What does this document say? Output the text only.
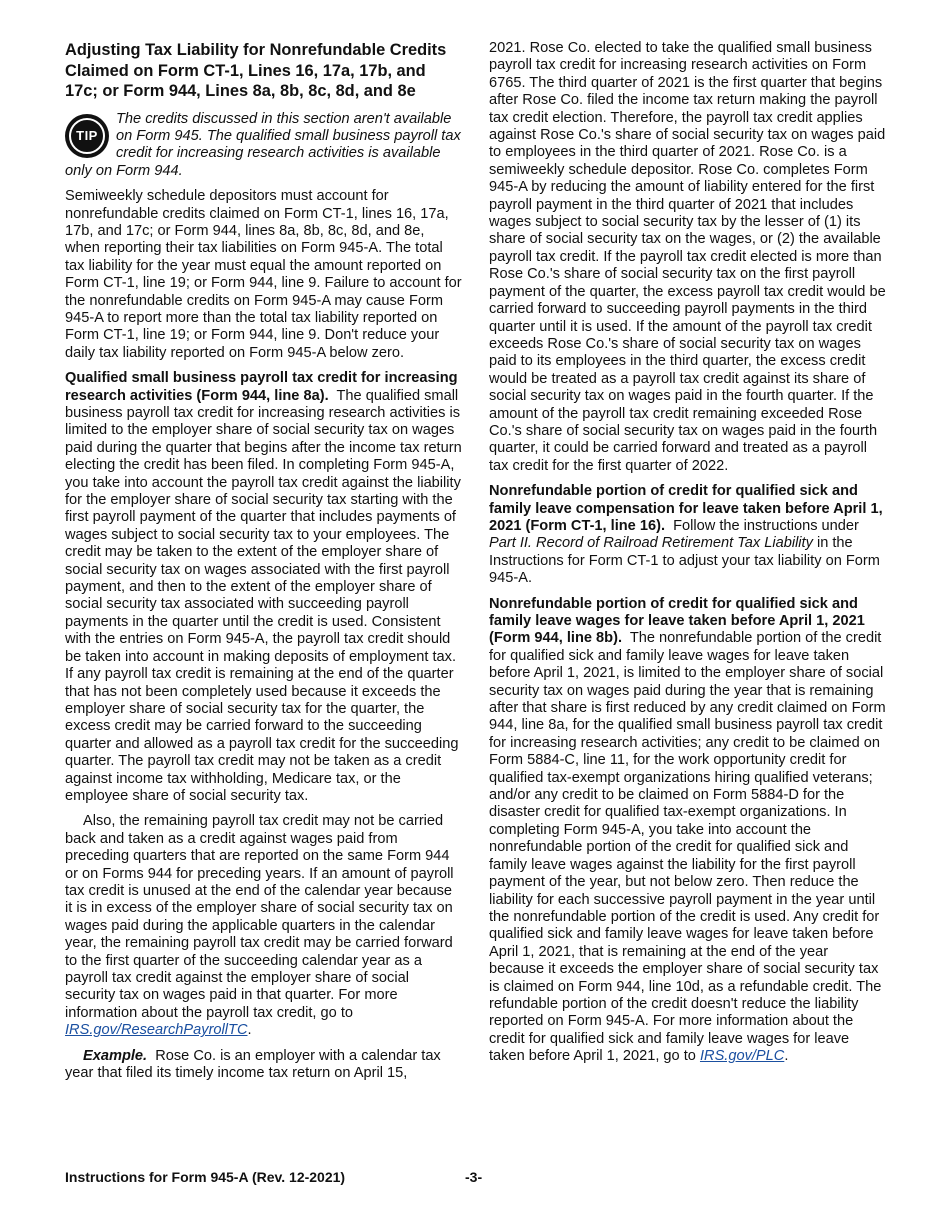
Adjusting Tax Liability for Nonrefundable Credits Claimed on Form CT-1, Lines 16, 17a, 17b, and 17c; or Form 944, Lines 8a, 8b, 8c, 8d, and 8e
TIP
The credits discussed in this section aren't available on Form 945. The qualified small business payroll tax credit for increasing research activities is available only on Form 944.

Semiweekly schedule depositors must account for nonrefundable credits claimed on Form CT-1, lines 16, 17a, 17b, and 17c; or Form 944, lines 8a, 8b, 8c, 8d, and 8e, when reporting their tax liabilities on Form 945-A. The total tax liability for the year must equal the amount reported on Form CT-1, line 19; or Form 944, line 9. Failure to account for the nonrefundable credits on Form 945-A may cause Form 945-A to report more than the total tax liability reported on Form CT-1, line 19; or Form 944, line 9. Don't reduce your daily tax liability reported on Form 945-A below zero.

Qualified small business payroll tax credit for increasing research activities (Form 944, line 8a). The qualified small business payroll tax credit for increasing research activities is limited to the employer share of social security tax on wages paid during the quarter that begins after the income tax return electing the credit has been filed. In completing Form 945-A, you take into account the payroll tax credit against the liability for the employer share of social security tax starting with the first payroll payment of the quarter that includes payments of wages subject to social security tax to your employees. The credit may be taken to the extent of the employer share of social security tax on wages associated with the first payroll payment, and then to the extent of the employer share of social security tax associated with succeeding payroll payments in the quarter until the credit is used. Consistent with the entries on Form 945-A, the payroll tax credit should be taken into account in making deposits of employment tax. If any payroll tax credit is remaining at the end of the quarter that has not been completely used because it exceeds the employer share of social security tax for the quarter, the excess credit may be carried forward to the succeeding quarter and allowed as a payroll tax credit for the succeeding quarter. The payroll tax credit may not be taken as a credit against income tax withholding, Medicare tax, or the employee share of social security tax.

Also, the remaining payroll tax credit may not be carried back and taken as a credit against wages paid from preceding quarters that are reported on the same Form 944 or on Forms 944 for preceding years. If an amount of payroll tax credit is unused at the end of the calendar year because it is in excess of the employer share of social security tax on wages paid during the applicable quarters in the calendar year, the remaining payroll tax credit may be carried forward to the first quarter of the succeeding calendar year as a payroll tax credit against the employer share of social security tax on wages paid in that quarter. For more information about the payroll tax credit, go to IRS.gov/ResearchPayrollTC.

Example. Rose Co. is an employer with a calendar tax year that filed its timely income tax return on April 15,

2021. Rose Co. elected to take the qualified small business payroll tax credit for increasing research activities on Form 6765. The third quarter of 2021 is the first quarter that begins after Rose Co. filed the income tax return making the payroll tax credit election. Therefore, the payroll tax credit applies against Rose Co.'s share of social security tax on wages paid to employees in the third quarter of 2021. Rose Co. is a semiweekly schedule depositor. Rose Co. completes Form 945-A by reducing the amount of liability entered for the first payroll payment in the third quarter of 2021 that includes wages subject to social security tax by the lesser of (1) its share of social security tax on the wages, or (2) the available payroll tax credit. If the payroll tax credit elected is more than Rose Co.'s share of social security tax on the first payroll payment of the quarter, the excess payroll tax credit would be carried forward to succeeding payroll payments in the third quarter until it is used. If the amount of the payroll tax credit exceeds Rose Co.'s share of social security tax on wages paid to its employees in the third quarter, the excess credit would be treated as a payroll tax credit against its share of social security tax on wages paid in the fourth quarter. If the amount of the payroll tax credit remaining exceeded Rose Co.'s share of social security tax on wages paid in the fourth quarter, it could be carried forward and treated as a payroll tax credit for the first quarter of 2022.

Nonrefundable portion of credit for qualified sick and family leave compensation for leave taken before April 1, 2021 (Form CT-1, line 16). Follow the instructions under Part II. Record of Railroad Retirement Tax Liability in the Instructions for Form CT-1 to adjust your tax liability on Form 945-A.

Nonrefundable portion of credit for qualified sick and family leave wages for leave taken before April 1, 2021 (Form 944, line 8b). The nonrefundable portion of the credit for qualified sick and family leave wages for leave taken before April 1, 2021, is limited to the employer share of social security tax on wages paid during the year that is remaining after that share is first reduced by any credit claimed on Form 944, line 8a, for the qualified small business payroll tax credit for increasing research activities; any credit to be claimed on Form 5884-C, line 11, for the work opportunity credit for qualified tax-exempt organizations hiring qualified veterans; and/or any credit to be claimed on Form 5884-D for the disaster credit for qualified tax-exempt organizations. In completing Form 945-A, you take into account the nonrefundable portion of the credit for qualified sick and family leave wages against the liability for the first payroll payment of the year, but not below zero. Then reduce the liability for each successive payroll payment in the year until the nonrefundable portion of the credit is used. Any credit for qualified sick and family leave wages for leave taken before April 1, 2021, that is remaining at the end of the year because it exceeds the employer share of social security tax is claimed on Form 944, line 10d, as a refundable credit. The refundable portion of the credit doesn't reduce the liability reported on Form 945-A. For more information about the credit for qualified sick and family leave wages for leave taken before April 1, 2021, go to IRS.gov/PLC.

Instructions for Form 945-A (Rev. 12-2021)	-3-
